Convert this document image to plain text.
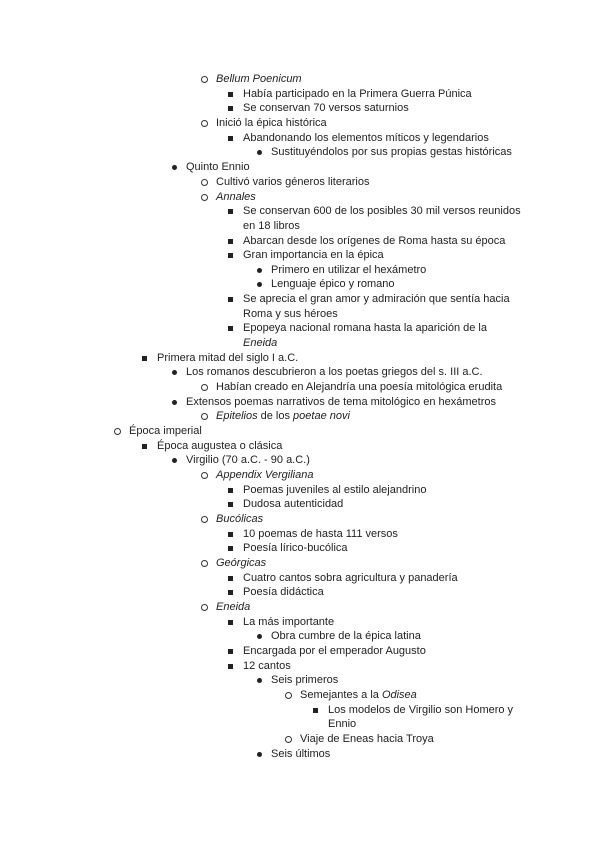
Bellum Poenicum
Había participado en la Primera Guerra Púnica
Se conservan 70 versos saturnios
Inició la épica histórica
Abandonando los elementos míticos y legendarios
Sustituyéndolos por sus propias gestas históricas
Quinto Ennio
Cultivó varios géneros literarios
Annales
Se conservan 600 de los posibles 30 mil versos reunidos
en 18 libros
Abarcan desde los orígenes de Roma hasta su época
Gran importancia en la épica
Primero en utilizar el hexámetro
Lenguaje épico y romano
Se aprecia el gran amor y admiración que sentía hacia
Roma y sus héroes
Epopeya nacional romana hasta la aparición de la
Eneida
Primera mitad del siglo I a.C.
Los romanos descubrieron a los poetas griegos del s. III a.C.
Habían creado en Alejandría una poesía mitológica erudita
Extensos poemas narrativos de tema mitológico en hexámetros
Epitelios de los poetae novi
Época imperial
Época augustea o clásica
Virgilio (70 a.C. - 90 a.C.)
Appendix Vergiliana
Poemas juveniles al estilo alejandrino
Dudosa autenticidad
Bucólicas
10 poemas de hasta 111 versos
Poesía lírico-bucólica
Geórgicas
Cuatro cantos sobra agricultura y panadería
Poesía didáctica
Eneida
La más importante
Obra cumbre de la épica latina
Encargada por el emperador Augusto
12 cantos
Seis primeros
Semejantes a la Odisea
Los modelos de Virgilio son Homero y
Ennio
Viaje de Eneas hacia Troya
Seis últimos
